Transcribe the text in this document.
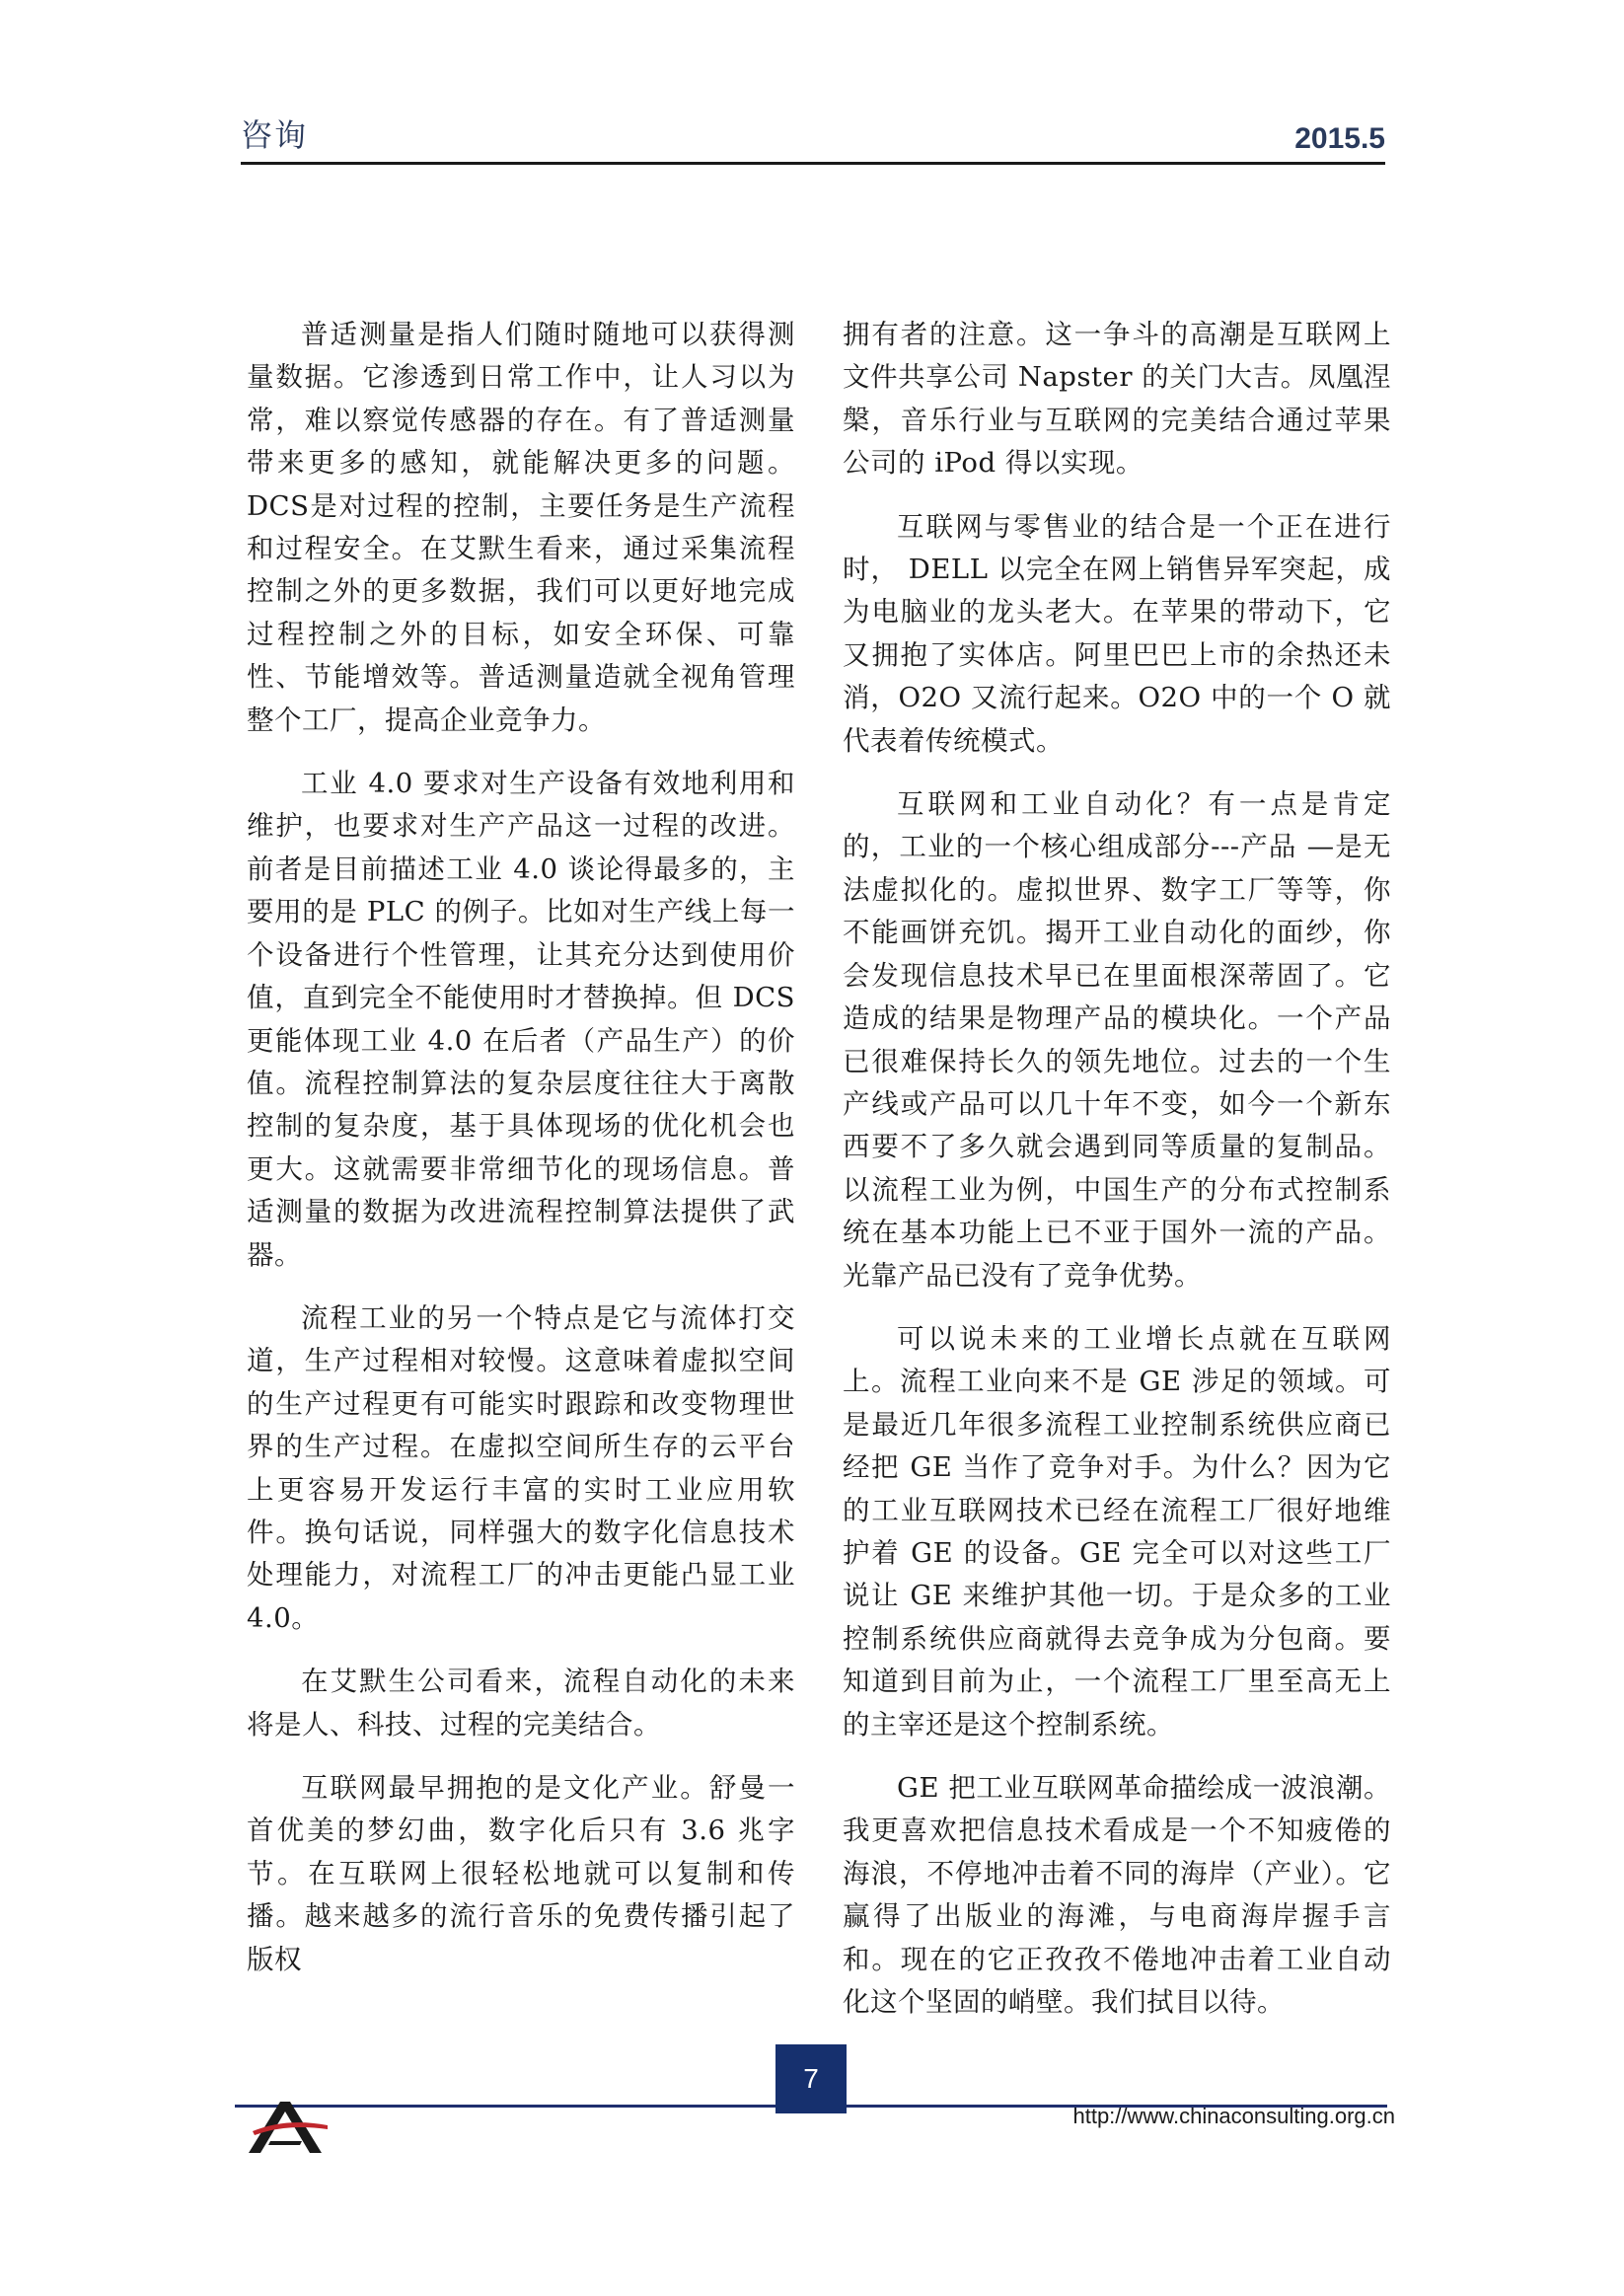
咨询	2015.5

普适测量是指人们随时随地可以获得测量数据。它渗透到日常工作中，让人习以为常，难以察觉传感器的存在。有了普适测量带来更多的感知，就能解决更多的问题。DCS是对过程的控制，主要任务是生产流程和过程安全。在艾默生看来，通过采集流程控制之外的更多数据，我们可以更好地完成过程控制之外的目标，如安全环保、可靠性、节能增效等。普适测量造就全视角管理整个工厂，提高企业竞争力。

工业 4.0 要求对生产设备有效地利用和维护，也要求对生产产品这一过程的改进。前者是目前描述工业 4.0 谈论得最多的，主要用的是 PLC 的例子。比如对生产线上每一个设备进行个性管理，让其充分达到使用价值，直到完全不能使用时才替换掉。但 DCS 更能体现工业 4.0 在后者（产品生产）的价值。流程控制算法的复杂层度往往大于离散控制的复杂度，基于具体现场的优化机会也更大。这就需要非常细节化的现场信息。普适测量的数据为改进流程控制算法提供了武器。

流程工业的另一个特点是它与流体打交道，生产过程相对较慢。这意味着虚拟空间的生产过程更有可能实时跟踪和改变物理世界的生产过程。在虚拟空间所生存的云平台上更容易开发运行丰富的实时工业应用软件。换句话说，同样强大的数字化信息技术处理能力，对流程工厂的冲击更能凸显工业 4.0。

在艾默生公司看来，流程自动化的未来将是人、科技、过程的完美结合。

互联网最早拥抱的是文化产业。舒曼一首优美的梦幻曲，数字化后只有 3.6 兆字节。在互联网上很轻松地就可以复制和传播。越来越多的流行音乐的免费传播引起了版权

拥有者的注意。这一争斗的高潮是互联网上文件共享公司 Napster 的关门大吉。凤凰涅槃，音乐行业与互联网的完美结合通过苹果公司的 iPod 得以实现。

互联网与零售业的结合是一个正在进行时， DELL 以完全在网上销售异军突起，成为电脑业的龙头老大。在苹果的带动下，它又拥抱了实体店。阿里巴巴上市的余热还未消，O2O 又流行起来。O2O 中的一个 O 就代表着传统模式。

互联网和工业自动化？有一点是肯定的，工业的一个核心组成部分---产品 —是无法虚拟化的。虚拟世界、数字工厂等等，你不能画饼充饥。揭开工业自动化的面纱，你会发现信息技术早已在里面根深蒂固了。它造成的结果是物理产品的模块化。一个产品已很难保持长久的领先地位。过去的一个生产线或产品可以几十年不变，如今一个新东西要不了多久就会遇到同等质量的复制品。以流程工业为例，中国生产的分布式控制系统在基本功能上已不亚于国外一流的产品。光靠产品已没有了竞争优势。

可以说未来的工业增长点就在互联网上。流程工业向来不是 GE 涉足的领域。可是最近几年很多流程工业控制系统供应商已经把 GE 当作了竞争对手。为什么？因为它的工业互联网技术已经在流程工厂很好地维护着 GE 的设备。GE 完全可以对这些工厂说让 GE 来维护其他一切。于是众多的工业控制系统供应商就得去竞争成为分包商。要知道到目前为止，一个流程工厂里至高无上的主宰还是这个控制系统。

GE 把工业互联网革命描绘成一波浪潮。我更喜欢把信息技术看成是一个不知疲倦的海浪，不停地冲击着不同的海岸（产业）。它赢得了出版业的海滩，与电商海岸握手言和。现在的它正孜孜不倦地冲击着工业自动化这个坚固的峭壁。我们拭目以待。

7
http://www.chinaconsulting.org.cn
